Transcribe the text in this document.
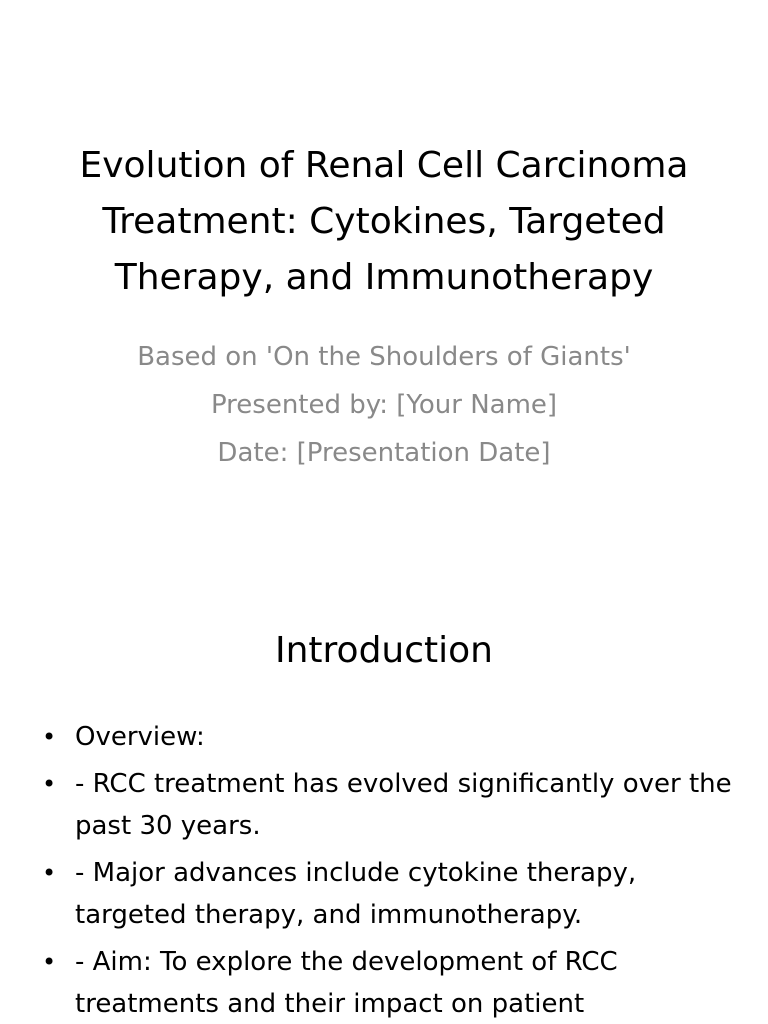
Evolution of Renal Cell Carcinoma Treatment: Cytokines, Targeted Therapy, and Immunotherapy
Based on 'On the Shoulders of Giants'
Presented by: [Your Name]
Date: [Presentation Date]
Introduction
• Overview:
• - RCC treatment has evolved significantly over the past 30 years.
• - Major advances include cytokine therapy, targeted therapy, and immunotherapy.
• - Aim: To explore the development of RCC treatments and their impact on patient
